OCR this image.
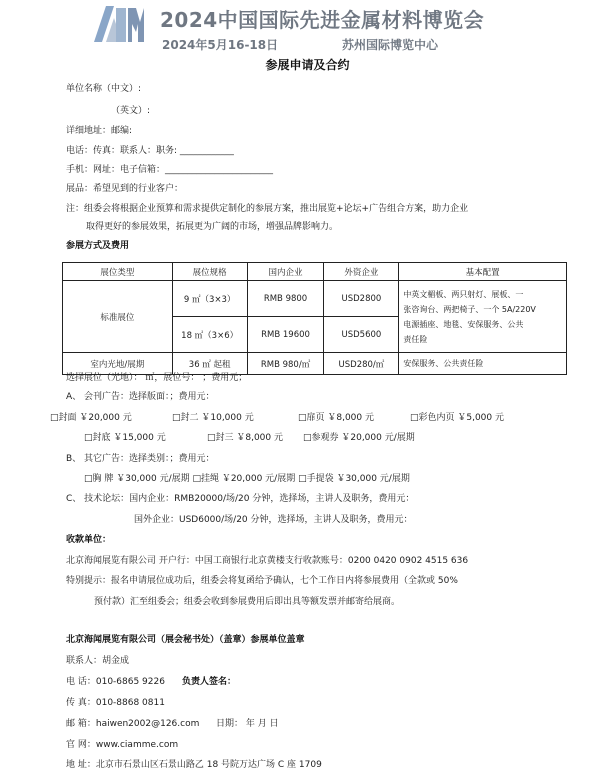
2024中国国际先进金属材料博览会
2024年5月16-18日	苏州国际博览中心
参展申请及合约
单位名称（中文）:
（英文）:
详细地址：邮编:
电话：传真：联系人：职务: ____________
手机：网址：电子信箱：________________________
展品：希望见到的行业客户：
注：组委会将根据企业预算和需求提供定制化的参展方案，推出展览+论坛+广告组合方案，助力企业
取得更好的参展效果，拓展更为广阔的市场，增强品牌影响力。
参展方式及费用
展位类型	展位规格	国内企业	外资企业	基本配置
标准展位	9 ㎡（3×3）	RMB 9800	USD2800	中英文楣板、两只射灯、展板、一
张咨询台、两把椅子、一个 5A/220V
电源插座、地毯、安保服务、公共
责任险

	18 ㎡（3×6）	RMB 19600	USD5600	
室内光地/展期	36 ㎡ 起租	RMB 980/㎡	USD280/㎡	安保服务、公共责任险
选择展位（光地）： ㎡，展位号： ；费用元；
A、 会刊广告：选择版面：；费用元：
□封面 ￥20,000 元	□封二 ￥10,000 元	□扉页 ￥8,000 元	□彩色内页 ￥5,000 元
□封底 ￥15,000 元	□封三 ￥8,000 元 □参观券 ￥20,000 元/展期
B、 其它广告：选择类别：；费用元：
□胸 牌 ￥30,000 元/展期 □挂绳 ￥20,000 元/展期 □手提袋 ￥30,000 元/展期
C、 技术论坛：国内企业：RMB20000/场/20 分钟，选择场，主讲人及职务，费用元：
国外企业：USD6000/场/20 分钟，选择场，主讲人及职务，费用元：
收款单位：
北京海闻展览有限公司 开户行：中国工商银行北京黄楼支行收款账号：0200 0420 0902 4515 636
特别提示：报名申请展位成功后，组委会将复函给予确认，七个工作日内将参展费用（全款或 50%
预付款）汇至组委会；组委会收到参展费用后即出具等额发票并邮寄给展商。
北京海闻展览有限公司（展会秘书处）（盖章）参展单位盖章
联系人：胡金成
电 话：010-6865 9226 负责人签名：
传 真：010-8868 0811
邮 箱：haiwen2002@126.com 日期： 年 月 日
官 网：www.ciamme.com
地 址：北京市石景山区石景山路乙 18 号院万达广场 C 座 1709
